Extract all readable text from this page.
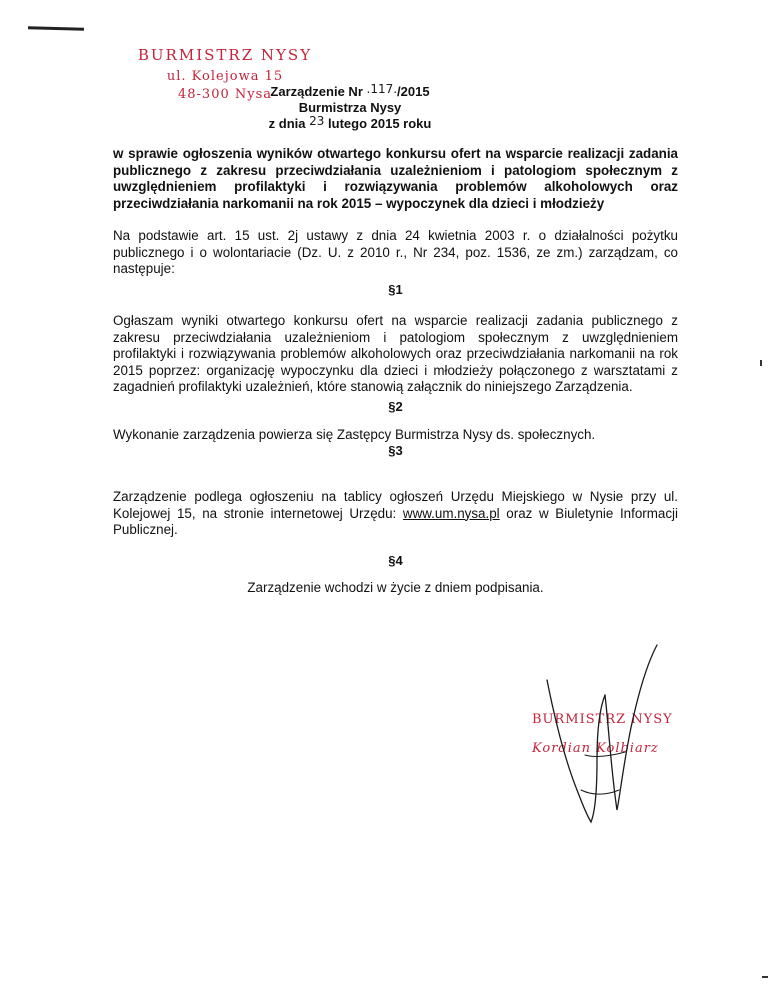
BURMISTRZ NYSY
ul. Kolejowa 15
48-300 Nysa
Zarządzenie Nr .117./2015
Burmistrza Nysy
z dnia 23 lutego 2015 roku
w sprawie ogłoszenia wyników otwartego konkursu ofert na wsparcie realizacji zadania publicznego z zakresu przeciwdziałania uzależnieniom i patologiom społecznym z uwzględnieniem profilaktyki i rozwiązywania problemów alkoholowych oraz przeciwdziałania narkomanii na rok 2015 – wypoczynek dla dzieci i młodzieży
Na podstawie art. 15 ust. 2j ustawy z dnia 24 kwietnia 2003 r. o działalności pożytku publicznego i o wolontariacie (Dz. U. z 2010 r., Nr 234, poz. 1536, ze zm.) zarządzam, co następuje:
§1
Ogłaszam wyniki otwartego konkursu ofert na wsparcie realizacji zadania publicznego z zakresu przeciwdziałania uzależnieniom i patologiom społecznym z uwzględnieniem profilaktyki i rozwiązywania problemów alkoholowych oraz przeciwdziałania narkomanii na rok 2015 poprzez: organizację wypoczynku dla dzieci i młodzieży połączonego z warsztatami z zagadnień profilaktyki uzależnień, które stanowią załącznik do niniejszego Zarządzenia.
§2
Wykonanie zarządzenia powierza się Zastępcy Burmistrza Nysy ds. społecznych.
§3
Zarządzenie podlega ogłoszeniu na tablicy ogłoszeń Urzędu Miejskiego w Nysie przy ul. Kolejowej 15, na stronie internetowej Urzędu: www.um.nysa.pl oraz w Biuletynie Informacji Publicznej.
§4
Zarządzenie wchodzi w życie z dniem podpisania.
BURMISTRZ NYSY
Kordian Kolbiarz
